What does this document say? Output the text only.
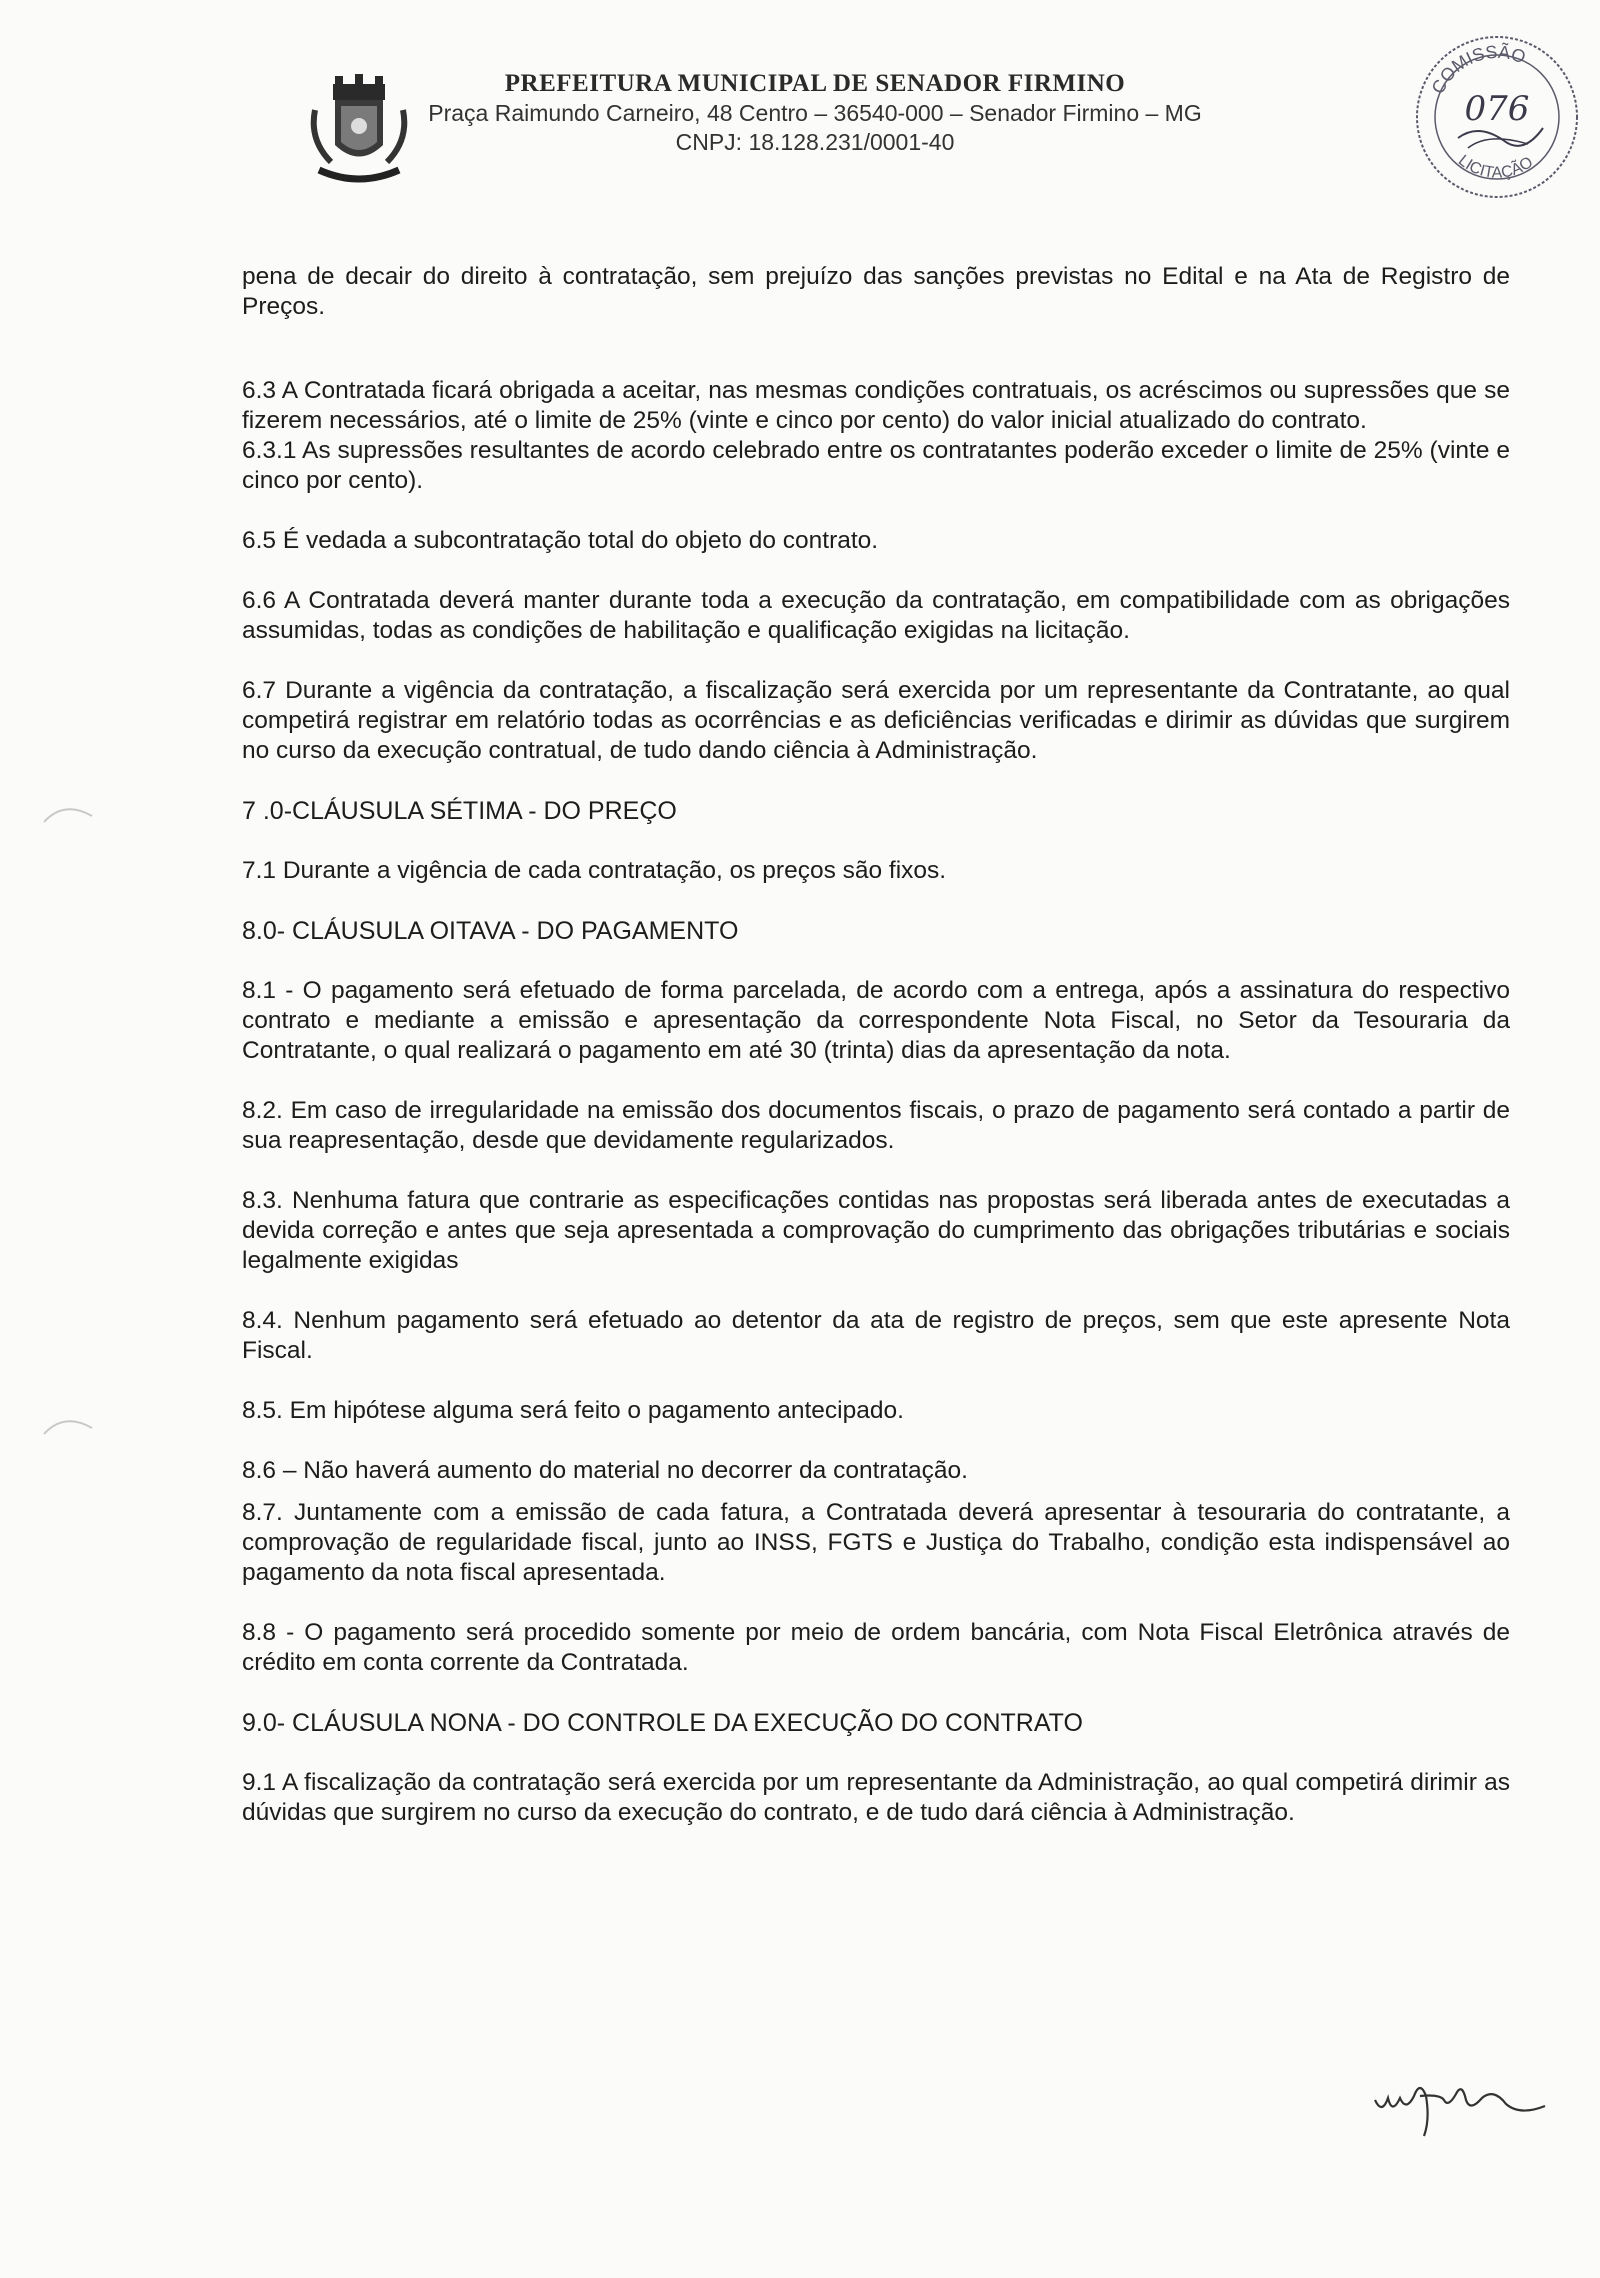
PREFEITURA MUNICIPAL DE SENADOR FIRMINO
Praça Raimundo Carneiro, 48 Centro – 36540-000 – Senador Firmino – MG
CNPJ: 18.128.231/0001-40
COMISSÃO
LICITAÇÃO
076

pena de decair do direito à contratação, sem prejuízo das sanções previstas no Edital e na Ata de Registro de Preços.

6.3 A Contratada ficará obrigada a aceitar, nas mesmas condições contratuais, os acréscimos ou supressões que se fizerem necessários, até o limite de 25% (vinte e cinco por cento) do valor inicial atualizado do contrato.

6.3.1 As supressões resultantes de acordo celebrado entre os contratantes poderão exceder o limite de 25% (vinte e cinco por cento).

6.5 É vedada a subcontratação total do objeto do contrato.

6.6 A Contratada deverá manter durante toda a execução da contratação, em compatibilidade com as obrigações assumidas, todas as condições de habilitação e qualificação exigidas na licitação.

6.7 Durante a vigência da contratação, a fiscalização será exercida por um representante da Contratante, ao qual competirá registrar em relatório todas as ocorrências e as deficiências verificadas e dirimir as dúvidas que surgirem no curso da execução contratual, de tudo dando ciência à Administração.

7 .0-CLÁUSULA SÉTIMA - DO PREÇO

7.1 Durante a vigência de cada contratação, os preços são fixos.

8.0- CLÁUSULA OITAVA - DO PAGAMENTO

8.1 - O pagamento será efetuado de forma parcelada, de acordo com a entrega, após a assinatura do respectivo contrato e mediante a emissão e apresentação da correspondente Nota Fiscal, no Setor da Tesouraria da Contratante, o qual realizará o pagamento em até 30 (trinta) dias da apresentação da nota.

8.2. Em caso de irregularidade na emissão dos documentos fiscais, o prazo de pagamento será contado a partir de sua reapresentação, desde que devidamente regularizados.

8.3. Nenhuma fatura que contrarie as especificações contidas nas propostas será liberada antes de executadas a devida correção e antes que seja apresentada a comprovação do cumprimento das obrigações tributárias e sociais legalmente exigidas

8.4. Nenhum pagamento será efetuado ao detentor da ata de registro de preços, sem que este apresente Nota Fiscal.

8.5. Em hipótese alguma será feito o pagamento antecipado.

8.6 – Não haverá aumento do material no decorrer da contratação.

8.7. Juntamente com a emissão de cada fatura, a Contratada deverá apresentar à tesouraria do contratante, a comprovação de regularidade fiscal, junto ao INSS, FGTS e Justiça do Trabalho, condição esta indispensável ao pagamento da nota fiscal apresentada.

8.8 - O pagamento será procedido somente por meio de ordem bancária, com Nota Fiscal Eletrônica através de crédito em conta corrente da Contratada.

9.0- CLÁUSULA NONA - DO CONTROLE DA EXECUÇÃO DO CONTRATO

9.1 A fiscalização da contratação será exercida por um representante da Administração, ao qual competirá dirimir as dúvidas que surgirem no curso da execução do contrato, e de tudo dará ciência à Administração.
